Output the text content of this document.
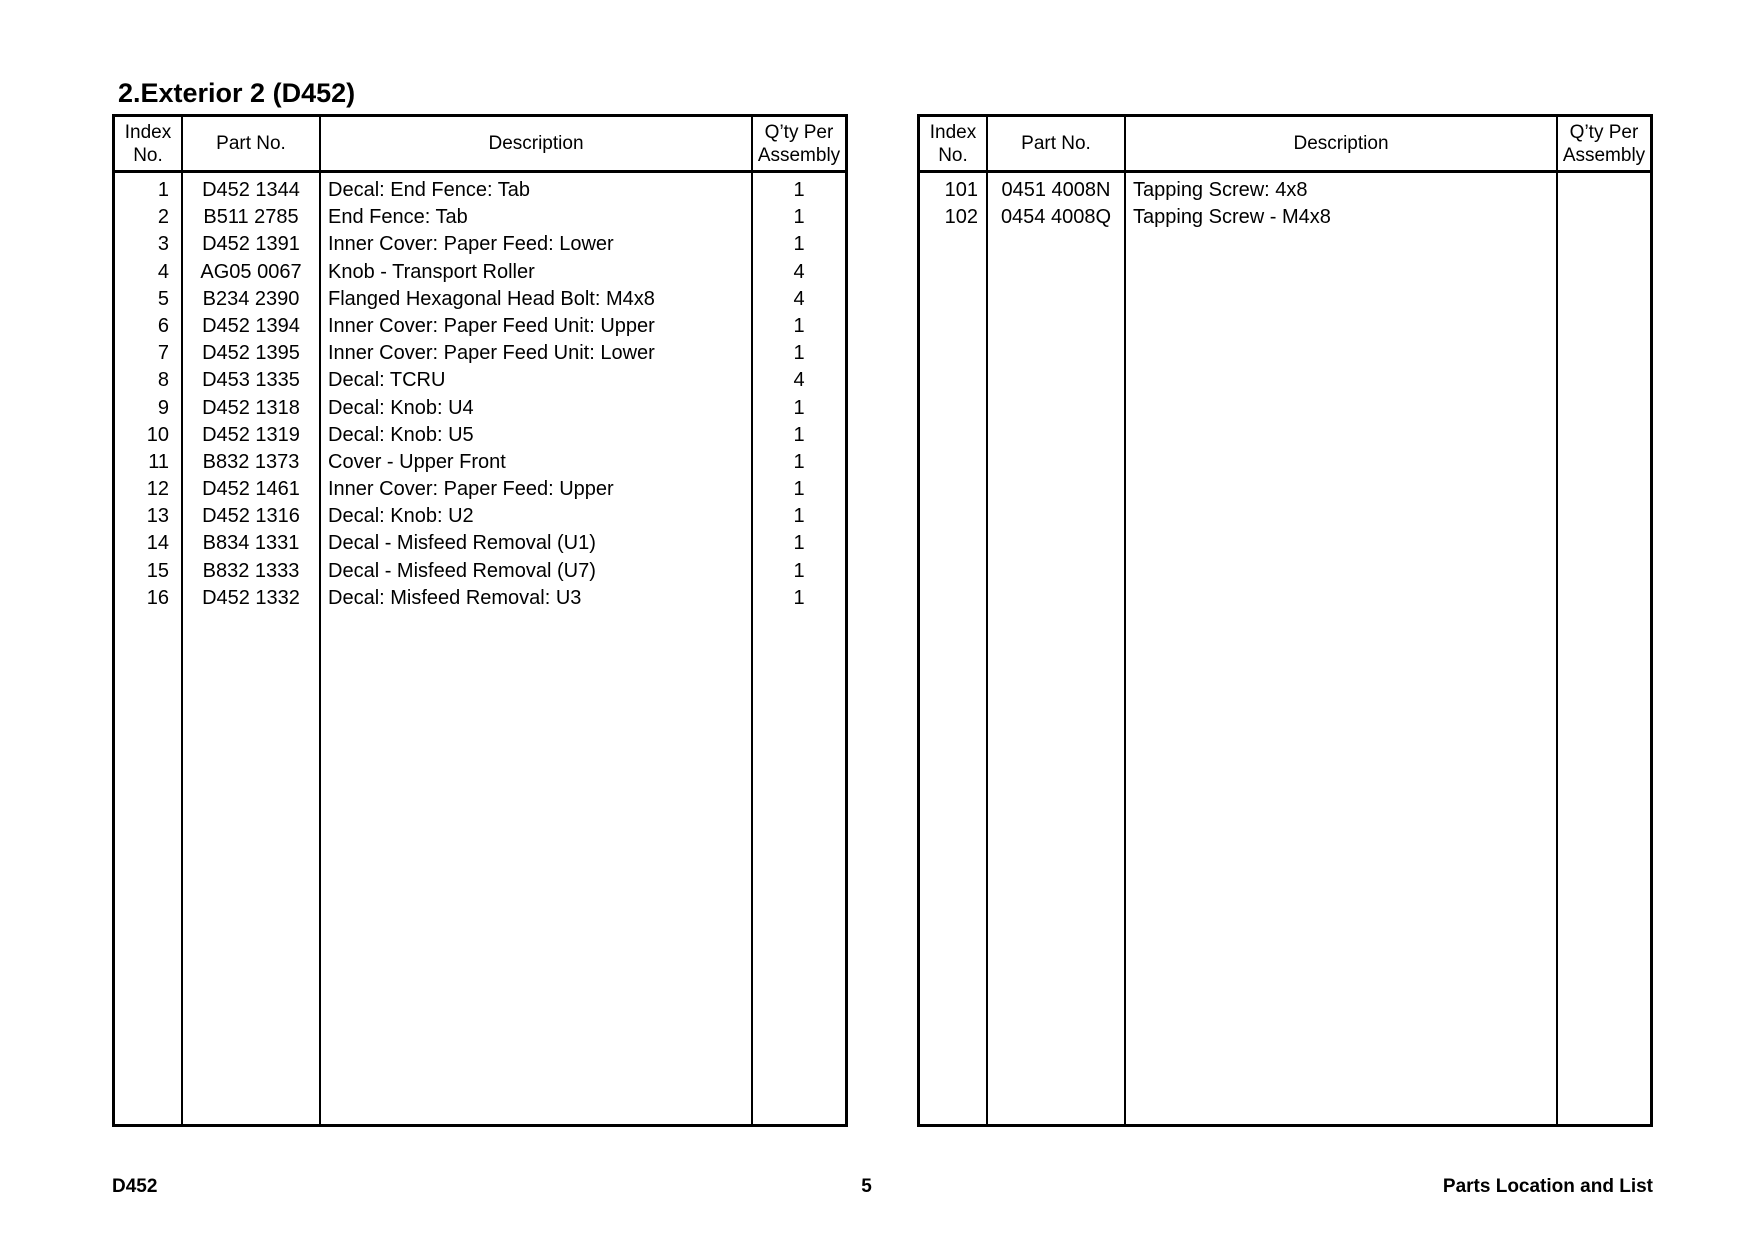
2.Exterior 2 (D452)
Index
No.
Part No.	Description
Q’ty Per
Assembly
1	D452 1344	Decal: End Fence: Tab	1
2	B511 2785	End Fence: Tab	1
3	D452 1391	Inner Cover: Paper Feed: Lower	1
4	AG05 0067	Knob - Transport Roller	4
5	B234 2390	Flanged Hexagonal Head Bolt: M4x8	4
6	D452 1394	Inner Cover: Paper Feed Unit: Upper	1
7	D452 1395	Inner Cover: Paper Feed Unit: Lower	1
8	D453 1335	Decal: TCRU	4
9	D452 1318	Decal: Knob: U4	1
10	D452 1319	Decal: Knob: U5	1
11	B832 1373	Cover - Upper Front	1
12	D452 1461	Inner Cover: Paper Feed: Upper	1
13	D452 1316	Decal: Knob: U2	1
14	B834 1331	Decal - Misfeed Removal (U1)	1
15	B832 1333	Decal - Misfeed Removal (U7)	1
16	D452 1332	Decal: Misfeed Removal: U3	1
Index
No.
Part No.	Description
Q’ty Per
Assembly
101	0451 4008N	Tapping Screw: 4x8
102	0454 4008Q	Tapping Screw - M4x8
D452	5	Parts Location and List
